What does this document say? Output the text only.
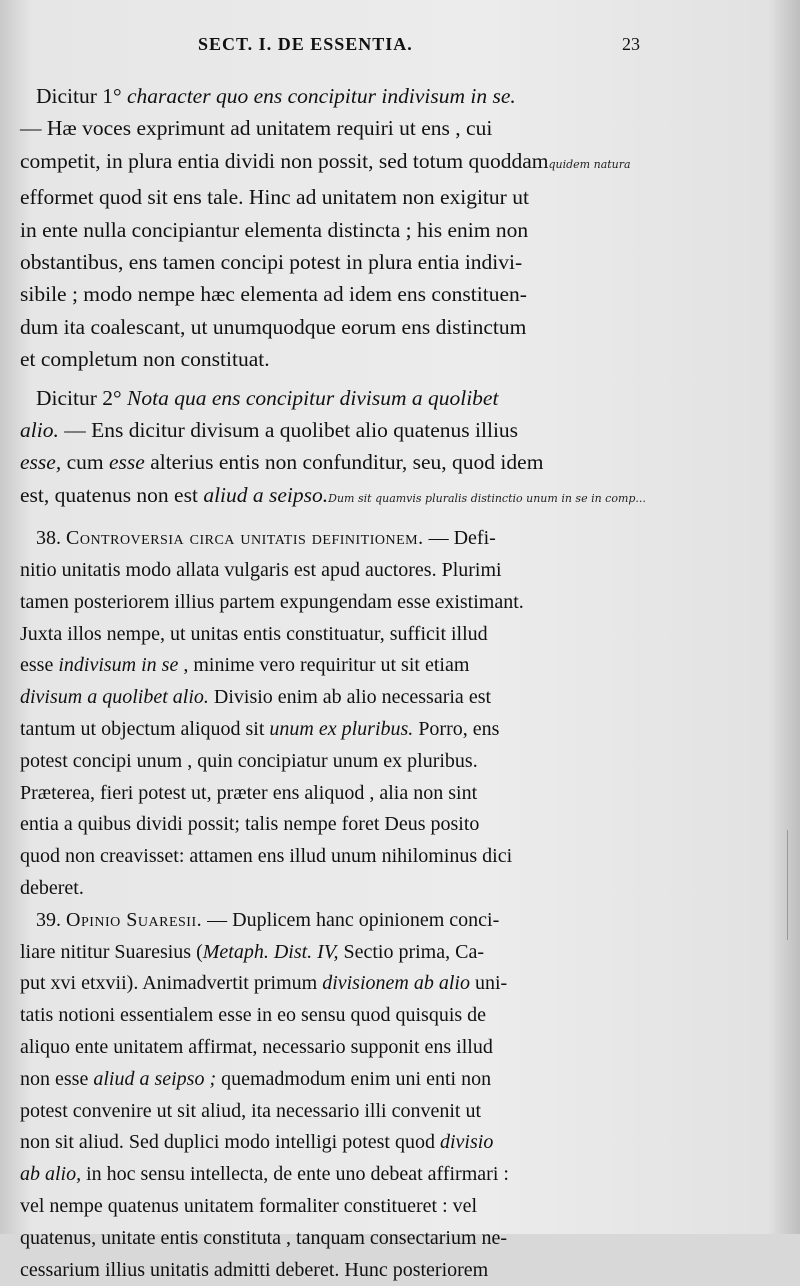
SECT. I. DE ESSENTIA.	23
Dicitur 1° character quo ens concipitur indivisum in se.
— Hæ voces exprimunt ad unitatem requiri ut ens , cui
competit, in plura entia dividi non possit, sed totum quoddamquidem natura
efformet quod sit ens tale. Hinc ad unitatem non exigitur ut
in ente nulla concipiantur elementa distincta ; his enim non
obstantibus, ens tamen concipi potest in plura entia indivi-
sibile ; modo nempe hæc elementa ad idem ens constituen-
dum ita coalescant, ut unumquodque eorum ens distinctum
et completum non constituat.
Dicitur 2° Nota qua ens concipitur divisum a quolibet
alio. — Ens dicitur divisum a quolibet alio quatenus illius
esse, cum esse alterius entis non confunditur, seu, quod idem
est, quatenus non est aliud a seipso.Dum sit quamvis pluralis distinctio unum in se in comp...
38. Controversia circa unitatis definitionem. — Defi-
nitio unitatis modo allata vulgaris est apud auctores. Plurimi
tamen posteriorem illius partem expungendam esse existimant.
Juxta illos nempe, ut unitas entis constituatur, sufficit illud
esse indivisum in se , minime vero requiritur ut sit etiam
divisum a quolibet alio. Divisio enim ab alio necessaria est
tantum ut objectum aliquod sit unum ex pluribus. Porro, ens
potest concipi unum , quin concipiatur unum ex pluribus.
Præterea, fieri potest ut, præter ens aliquod , alia non sint
entia a quibus dividi possit; talis nempe foret Deus posito
quod non creavisset: attamen ens illud unum nihilominus dici
deberet.
39. Opinio Suaresii. — Duplicem hanc opinionem conci-
liare nititur Suaresius (Metaph. Dist. IV, Sectio prima, Ca-
put xvi etxvii). Animadvertit primum divisionem ab alio uni-
tatis notioni essentialem esse in eo sensu quod quisquis de
aliquo ente unitatem affirmat, necessario supponit ens illud
non esse aliud a seipso ; quemadmodum enim uni enti non
potest convenire ut sit aliud, ita necessario illi convenit ut
non sit aliud. Sed duplici modo intelligi potest quod divisio
ab alio, in hoc sensu intellecta, de ente uno debeat affirmari :
vel nempe quatenus unitatem formaliter constitueret : vel
quatenus, unitate entis constituta , tanquam consectarium ne-
cessarium illius unitatis admitti deberet. Hunc posteriorem
